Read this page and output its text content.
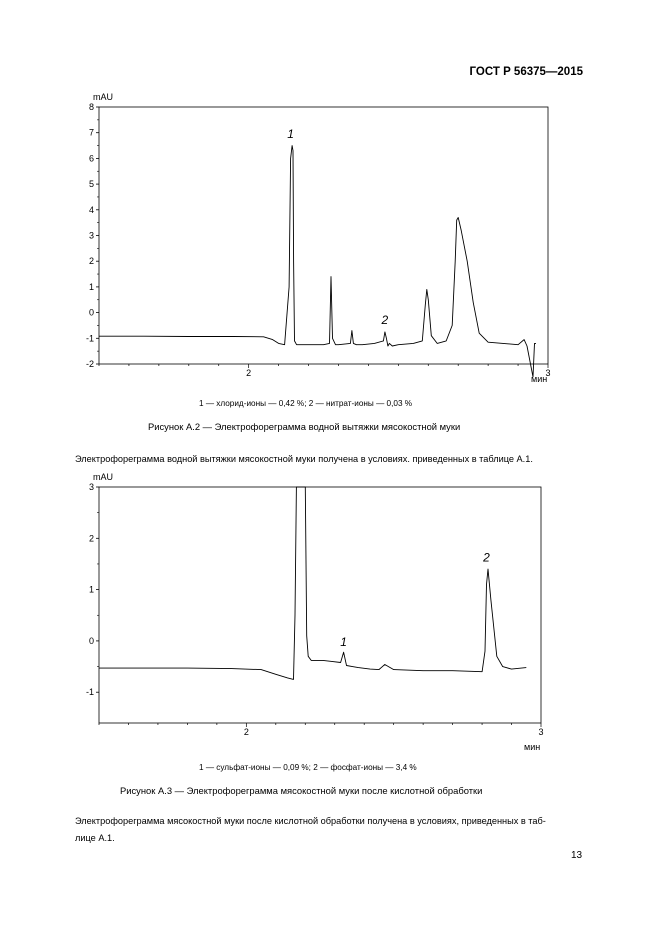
ГОСТ Р 56375—2015
-2
-1
0
1
2
3
4
5
6
7
8
2	3
mAU
мин
1
2
-1
0
1
2
3
2	3
mAU
мин
1
2
1 — хлорид-ионы — 0,42 %; 2 — нитрат-ионы — 0,03 %
Рисунок А.2 — Электрофореграмма водной вытяжки мясокостной муки
Электрофореграмма водной вытяжки мясокостной муки получена в условиях. приведенных в таблице А.1.
1 — сульфат-ионы — 0,09 %; 2 — фосфат-ионы — 3,4 %
Рисунок А.3 — Электрофореграмма мясокостной муки после кислотной обработки
Электрофореграмма мясокостной муки после кислотной обработки получена в условиях, приведенных в таб-
лице А.1.
13
